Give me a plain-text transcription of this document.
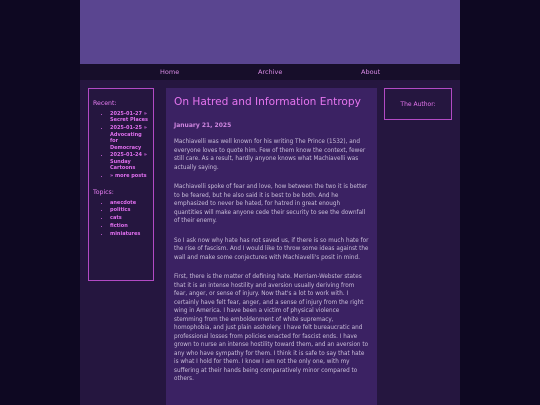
Home	Archive	About
Recent:
• 2025-01-27 » Secret Places
• 2025-01-25 » Advocating for Democracy
• 2025-01-24 » Sunday Cartoons
• » more posts
Topics:
• anecdote
• politics
• cats
• fiction
• miniatures
On Hatred and Information Entropy
January 21, 2025

Machiavelli was well known for his writing The Prince (1532), and everyone loves to quote him. Few of them know the context, fewer still care. As a result, hardly anyone knows what Machiavelli was actually saying.

Machiavelli spoke of fear and love, how between the two it is better to be feared, but he also said it is best to be both. And he emphasized to never be hated, for hatred in great enough quantities will make anyone cede their security to see the downfall of their enemy.

So I ask now why hate has not saved us, if there is so much hate for the rise of fascism. And I would like to throw some ideas against the wall and make some conjectures with Machiavelli's posit in mind.

First, there is the matter of defining hate. Merriam-Webster states that it is an intense hostility and aversion usually deriving from fear, anger, or sense of injury. Now that's a lot to work with. I certainly have felt fear, anger, and a sense of injury from the right wing in America. I have been a victim of physical violence stemming from the emboldenment of white supremacy, homophobia, and just plain assholery. I have felt bureaucratic and professional losses from policies enacted for fascist ends. I have grown to nurse an intense hostility toward them, and an aversion to any who have sympathy for them. I think it is safe to say that hate is what I hold for them. I know I am not the only one, with my suffering at their hands being comparatively minor compared to others.

The Author:
